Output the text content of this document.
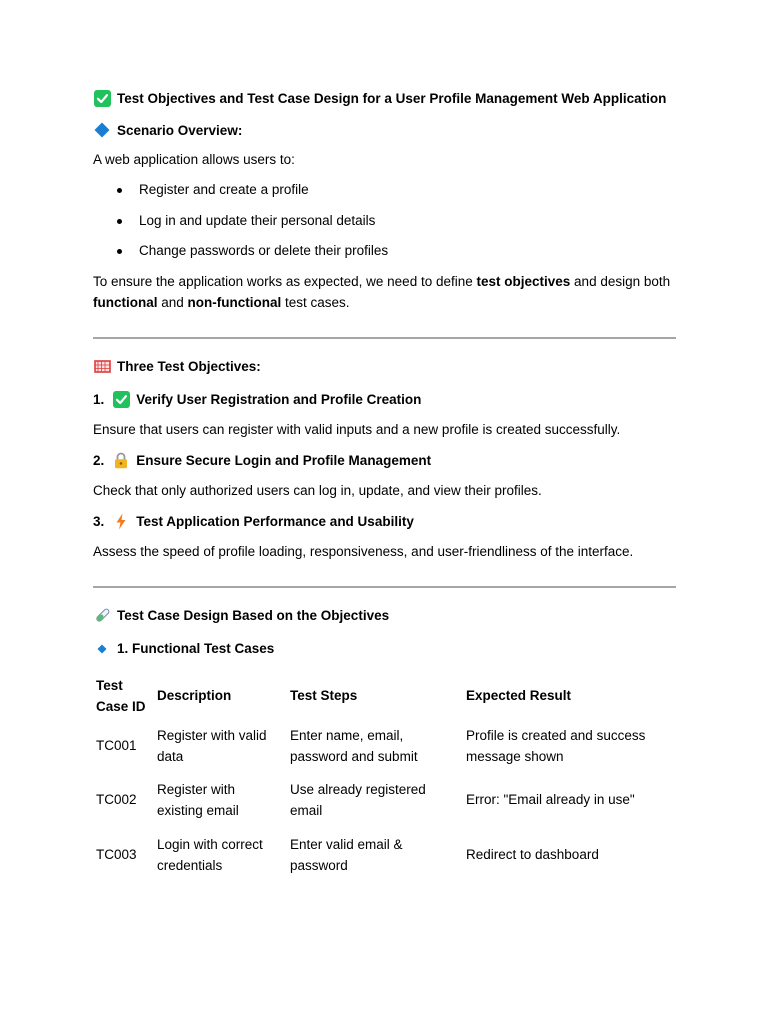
Test Objectives and Test Case Design for a User Profile Management Web Application
Scenario Overview:

A web application allows users to:

Register and create a profile
Log in and update their personal details
Change passwords or delete their profiles

To ensure the application works as expected, we need to define test objectives and design both functional and non-functional test cases.

Three Test Objectives:
1. Verify User Registration and Profile Creation

Ensure that users can register with valid inputs and a new profile is created successfully.

2. Ensure Secure Login and Profile Management

Check that only authorized users can log in, update, and view their profiles.

3. Test Application Performance and Usability

Assess the speed of profile loading, responsiveness, and user-friendliness of the interface.

Test Case Design Based on the Objectives
1. Functional Test Cases
Test Case ID	Description	Test Steps	Expected Result
TC001	Register with valid data	Enter name, email, password and submit	Profile is created and success message shown
TC002	Register with existing email	Use already registered email	Error: "Email already in use"
TC003	Login with correct credentials	Enter valid email & password	Redirect to dashboard
